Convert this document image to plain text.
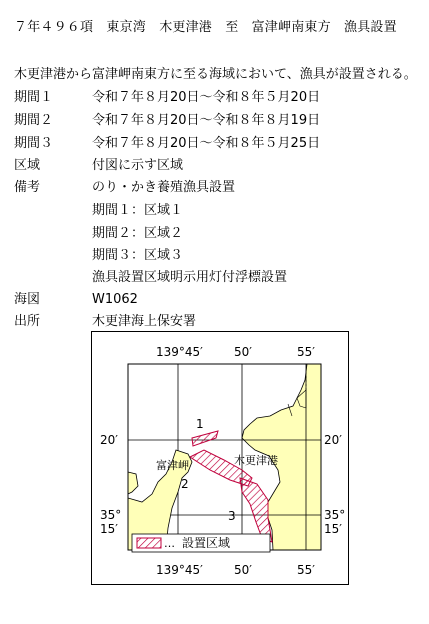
７年４９６項　東京湾　木更津港　至　富津岬南東方　漁具設置
木更津港から富津岬南東方に至る海域において、漁具が設置される。
期間１	令和７年８月20日～令和８年５月20日
期間２	令和７年８月20日～令和８年８月19日
期間３	令和７年８月20日～令和８年５月25日
区域	付図に示す区域
備考	のり・かき養殖漁具設置
期間１：区域１
期間２：区域２
期間３：区域３
漁具設置区域明示用灯付浮標設置
海図	W1062
出所	木更津海上保安署
139°45′	50′	55′
1
2
3
富津岬	木更津港
20′
35°
15′
20′
35°
15′
… 設置区域
139°45′	50′	55′
